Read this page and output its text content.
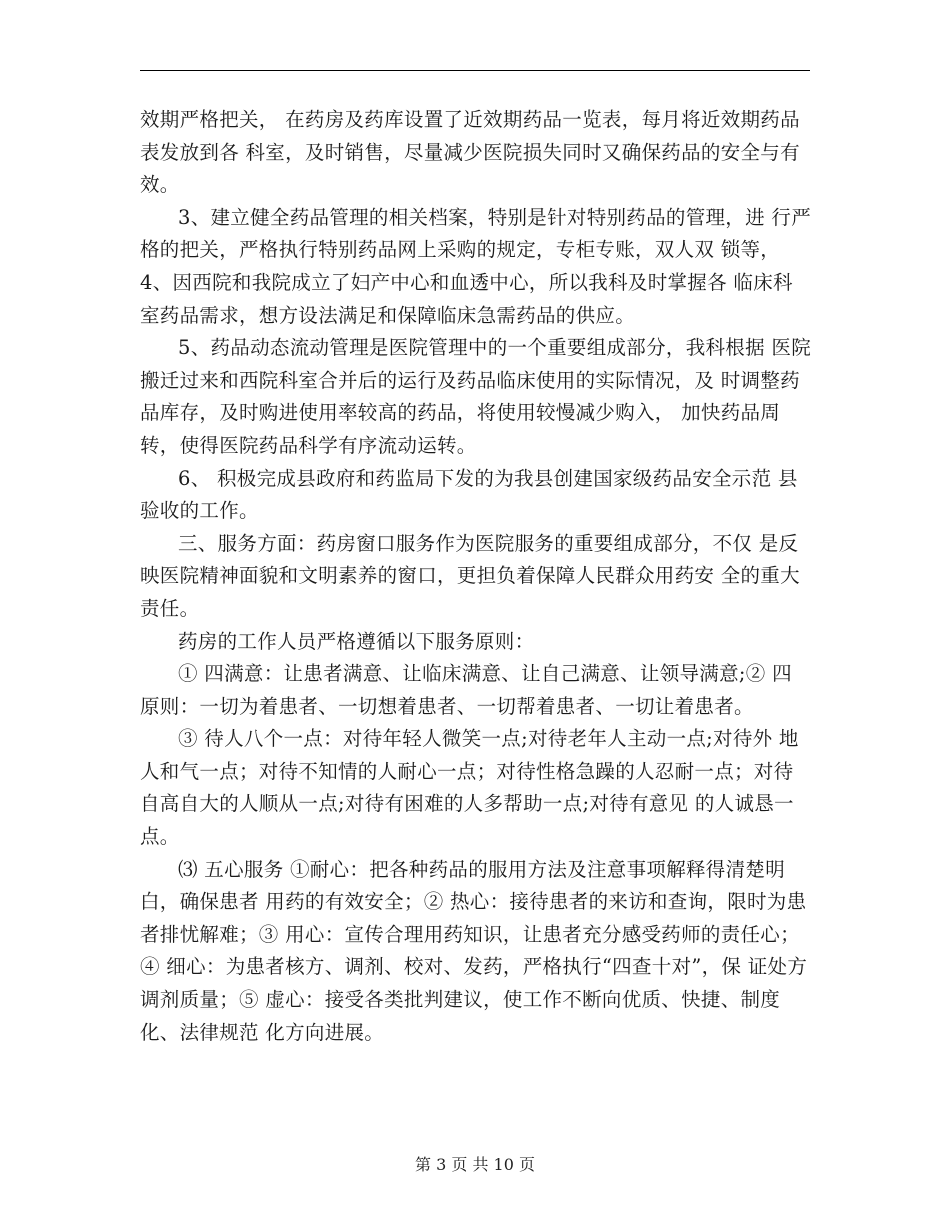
效期严格把关， 在药房及药库设置了近效期药品一览表，每月将近效期药品表发放到各 科室，及时销售，尽量减少医院损失同时又确保药品的安全与有效。

3、建立健全药品管理的相关档案，特别是针对特别药品的管理，进 行严格的把关，严格执行特别药品网上采购的规定，专柜专账，双人双 锁等， 4、因西院和我院成立了妇产中心和血透中心，所以我科及时掌握各 临床科室药品需求，想方设法满足和保障临床急需药品的供应。

5、药品动态流动管理是医院管理中的一个重要组成部分，我科根据 医院搬迁过来和西院科室合并后的运行及药品临床使用的实际情况，及 时调整药品库存，及时购进使用率较高的药品，将使用较慢减少购入， 加快药品周转，使得医院药品科学有序流动运转。

6、 积极完成县政府和药监局下发的为我县创建国家级药品安全示范 县验收的工作。

三、服务方面：药房窗口服务作为医院服务的重要组成部分，不仅 是反映医院精神面貌和文明素养的窗口，更担负着保障人民群众用药安 全的重大责任。

药房的工作人员严格遵循以下服务原则：

① 四满意：让患者满意、让临床满意、让自己满意、让领导满意;② 四 原则：一切为着患者、一切想着患者、一切帮着患者、一切让着患者。

③ 待人八个一点：对待年轻人微笑一点;对待老年人主动一点;对待外 地人和气一点；对待不知情的人耐心一点；对待性格急躁的人忍耐一点；对待自高自大的人顺从一点;对待有困难的人多帮助一点;对待有意见 的人诚恳一点。

⑶ 五心服务 ①耐心：把各种药品的服用方法及注意事项解释得清楚明白，确保患者 用药的有效安全；② 热心：接待患者的来访和查询，限时为患者排忧解难；③ 用心：宣传合理用药知识，让患者充分感受药师的责任心；④ 细心：为患者核方、调剂、校对、发药，严格执行“四查十对”，保 证处方调剂质量；⑤ 虚心：接受各类批判建议，使工作不断向优质、快捷、制度化、法律规范 化方向进展。

第 3 页 共 10 页
